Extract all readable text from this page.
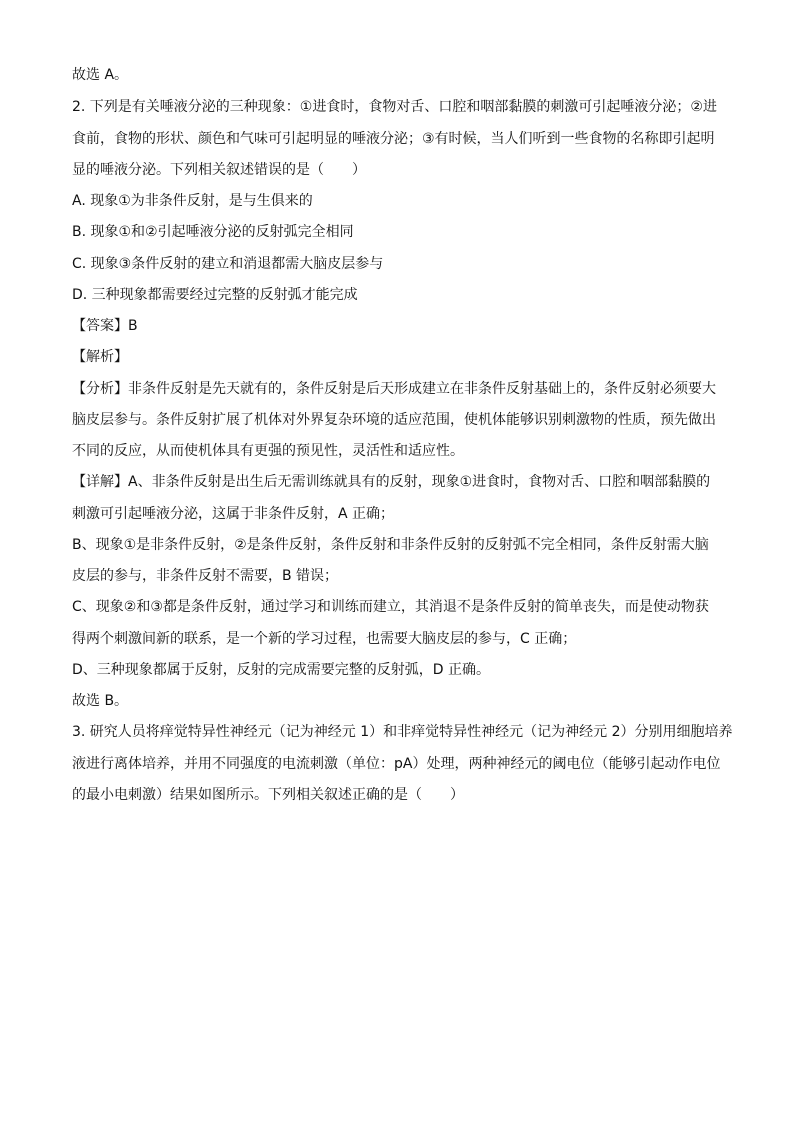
故选 A。
2. 下列是有关唾液分泌的三种现象：①进食时，食物对舌、口腔和咽部黏膜的刺激可引起唾液分泌；②进
食前，食物的形状、颜色和气味可引起明显的唾液分泌；③有时候，当人们听到一些食物的名称即引起明
显的唾液分泌。下列相关叙述错误的是（　　）
A. 现象①为非条件反射，是与生俱来的
B. 现象①和②引起唾液分泌的反射弧完全相同
C. 现象③条件反射的建立和消退都需大脑皮层参与
D. 三种现象都需要经过完整的反射弧才能完成
【答案】B
【解析】
【分析】非条件反射是先天就有的，条件反射是后天形成建立在非条件反射基础上的，条件反射必须要大
脑皮层参与。条件反射扩展了机体对外界复杂环境的适应范围，使机体能够识别刺激物的性质，预先做出
不同的反应，从而使机体具有更强的预见性，灵活性和适应性。
【详解】A、非条件反射是出生后无需训练就具有的反射，现象①进食时，食物对舌、口腔和咽部黏膜的
刺激可引起唾液分泌，这属于非条件反射，A 正确；
B、现象①是非条件反射，②是条件反射，条件反射和非条件反射的反射弧不完全相同，条件反射需大脑
皮层的参与，非条件反射不需要，B 错误；
C、现象②和③都是条件反射，通过学习和训练而建立，其消退不是条件反射的简单丧失，而是使动物获
得两个刺激间新的联系，是一个新的学习过程，也需要大脑皮层的参与，C 正确；
D、三种现象都属于反射，反射的完成需要完整的反射弧，D 正确。
故选 B。
3. 研究人员将痒觉特异性神经元（记为神经元 1）和非痒觉特异性神经元（记为神经元 2）分别用细胞培养
液进行离体培养，并用不同强度的电流刺激（单位：pA）处理，两种神经元的阈电位（能够引起动作电位
的最小电刺激）结果如图所示。下列相关叙述正确的是（　　）
